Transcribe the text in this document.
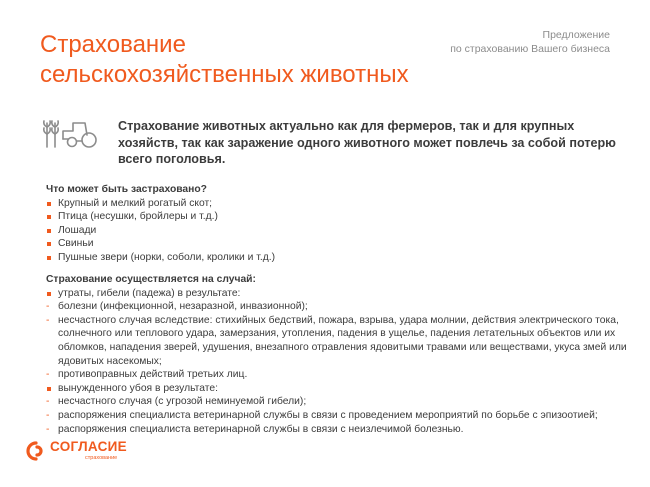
Страхование
сельскохозяйственных животных
Предложение
по страхованию Вашего бизнеса

Страхование животных актуально как для фермеров, так и для крупных хозяйств, так как заражение одного животного может повлечь за собой потерю всего поголовья.

Что может быть застраховано?

Крупный и мелкий рогатый скот;
Птица (несушки, бройлеры и т.д.)
Лошади
Свиньи
Пушные звери (норки, соболи, кролики и т.д.)

Страхование осуществляется на случай:

утраты, гибели (падежа) в результате:
- болезни (инфекционной, незаразной, инвазионной);
- несчастного случая вследствие: стихийных бедствий, пожара, взрыва, удара молнии, действия электрического тока, солнечного или теплового удара, замерзания, утопления, падения в ущелье, падения летательных объектов или их обломков, нападения зверей, удушения, внезапного отравления ядовитыми травами или веществами, укуса змей или ядовитых насекомых;
- противоправных действий третьих лиц.
вынужденного убоя в результате:
- несчастного случая (с угрозой неминуемой гибели);
- распоряжения специалиста ветеринарной службы в связи с проведением мероприятий по борьбе с эпизоотией;
- распоряжения специалиста ветеринарной службы в связи с неизлечимой болезнью.
СОГЛАСИЕ
страхование
